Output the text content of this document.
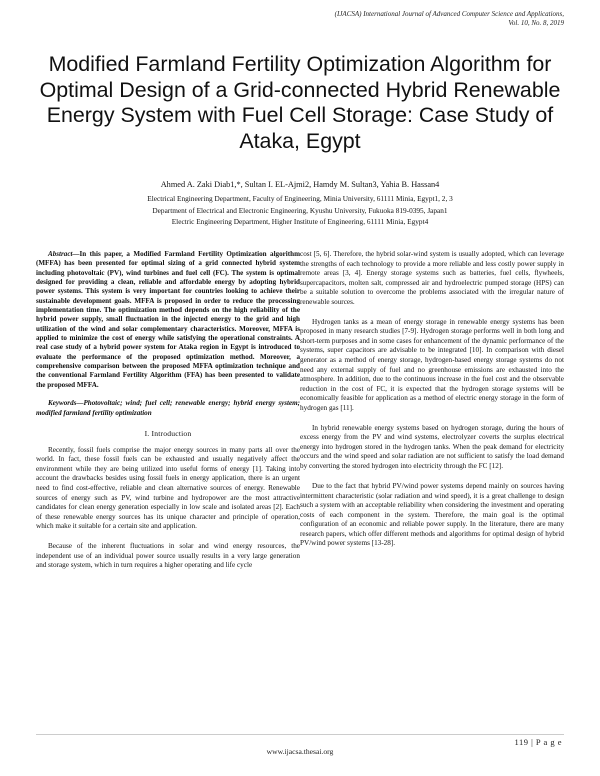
(IJACSA) International Journal of Advanced Computer Science and Applications,
Vol. 10, No. 8, 2019
Modified Farmland Fertility Optimization Algorithm for Optimal Design of a Grid-connected Hybrid Renewable Energy System with Fuel Cell Storage: Case Study of Ataka, Egypt
Ahmed A. Zaki Diab1,*, Sultan I. EL-Ajmi2, Hamdy M. Sultan3, Yahia B. Hassan4
Electrical Engineering Department, Faculty of Engineering, Minia University, 61111 Minia, Egypt1, 2, 3
Department of Electrical and Electronic Engineering, Kyushu University, Fukuoka 819-0395, Japan1
Electric Engineering Department, Higher Institute of Engineering, 61111 Minia, Egypt4
Abstract—In this paper, a Modified Farmland Fertility Optimization algorithm (MFFA) has been presented for optimal sizing of a grid connected hybrid system including photovoltaic (PV), wind turbines and fuel cell (FC). The system is optimal designed for providing a clean, reliable and affordable energy by adopting hybrid power systems. This system is very important for countries looking to achieve their sustainable development goals. MFFA is proposed in order to reduce the processing implementation time. The optimization method depends on the high reliability of the hybrid power supply, small fluctuation in the injected energy to the grid and high utilization of the wind and solar complementary characteristics. Moreover, MFFA is applied to minimize the cost of energy while satisfying the operational constraints. A real case study of a hybrid power system for Ataka region in Egypt is introduced to evaluate the performance of the proposed optimization method. Moreover, a comprehensive comparison between the proposed MFFA optimization technique and the conventional Farmland Fertility Algorithm (FFA) has been presented to validate the proposed MFFA.
Keywords—Photovoltaic; wind; fuel cell; renewable energy; hybrid energy system; modified farmland fertility optimization
I. Introduction

Recently, fossil fuels comprise the major energy sources in many parts all over the world. In fact, these fossil fuels can be exhausted and usually negatively affect the environment while they are being utilized into useful forms of energy [1]. Taking into account the drawbacks besides using fossil fuels in energy application, there is an urgent need to find cost-effective, reliable and clean alternative sources of energy. Renewable sources of energy such as PV, wind turbine and hydropower are the most attractive candidates for clean energy generation especially in low scale and isolated areas [2]. Each of these renewable energy sources has its unique character and principle of operation, which make it suitable for a certain site and application.

Because of the inherent fluctuations in solar and wind energy resources, the independent use of an individual power source usually results in a very large generation and storage system, which in turn requires a higher operating and life cycle

cost [5, 6]. Therefore, the hybrid solar-wind system is usually adopted, which can leverage the strengths of each technology to provide a more reliable and less costly power supply in remote areas [3, 4]. Energy storage systems such as batteries, fuel cells, flywheels, supercapacitors, molten salt, compressed air and hydroelectric pumped storage (HPS) can be a suitable solution to overcome the problems associated with the irregular nature of renewable sources.

Hydrogen tanks as a mean of energy storage in renewable energy systems has been proposed in many research studies [7-9]. Hydrogen storage performs well in both long and short-term purposes and in some cases for enhancement of the dynamic performance of the systems, super capacitors are advisable to be integrated [10]. In comparison with diesel generator as a method of energy storage, hydrogen-based energy storage systems do not need any external supply of fuel and no greenhouse emissions are exhausted into the atmosphere. In addition, due to the continuous increase in the fuel cost and the observable reduction in the cost of FC, it is expected that the hydrogen storage systems will be economically feasible for application as a method of electric energy storage in the form of hydrogen gas [11].

In hybrid renewable energy systems based on hydrogen storage, during the hours of excess energy from the PV and wind systems, electrolyzer coverts the surplus electrical energy into hydrogen stored in the hydrogen tanks. When the peak demand for electricity occurs and the wind speed and solar radiation are not sufficient to satisfy the load demand by converting the stored hydrogen into electricity through the FC [12].

Due to the fact that hybrid PV/wind power systems depend mainly on sources having intermittent characteristic (solar radiation and wind speed), it is a great challenge to design such a system with an acceptable reliability when considering the investment and operating costs of each component in the system. Therefore, the main goal is the optimal configuration of an economic and reliable power supply. In the literature, there are many research papers, which offer different methods and algorithms for optimal design of hybrid PV/wind power systems [13-28].

119 | P a g e
www.ijacsa.thesai.org
